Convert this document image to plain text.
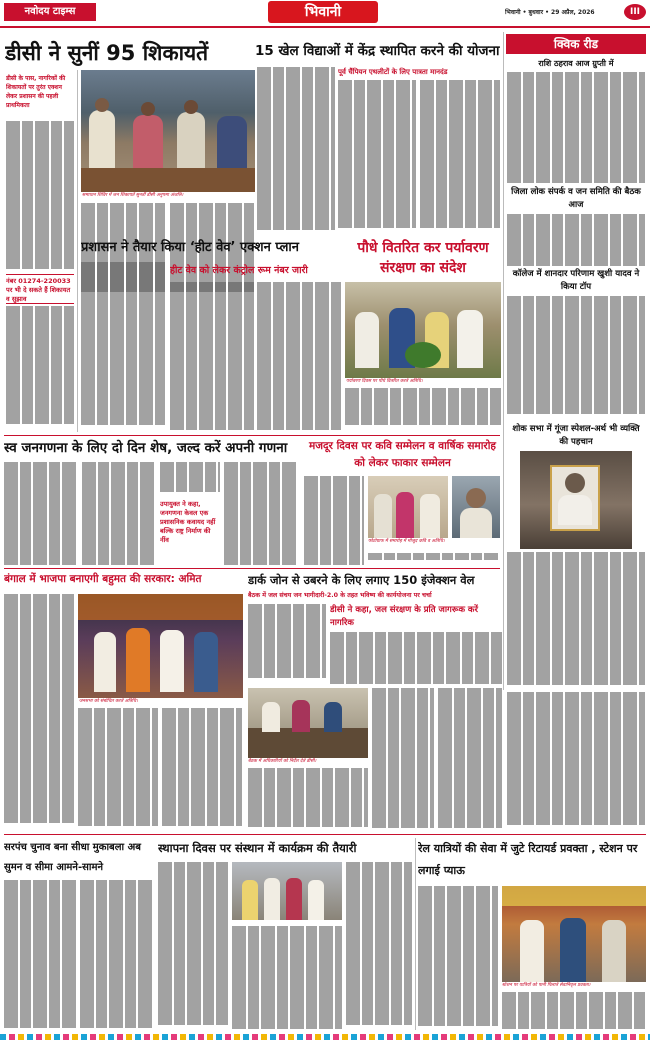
नवोदय टाइम्स	भिवानी	भिवानी • बुधवार • 29 अप्रैल, 2026	III
डीसी ने सुनीं 95 शिकायतें
डीसी के पास, नागरिकों की शिकायतों पर तुरंत एक्शन लेकर प्रशासन की पहली प्राथमिकता
नंबर 01274-220033 पर भी दे सकते हैं शिकायत व सुझाव
समाधान शिविर में जन शिकायतें सुनतीं डीसी अनुपमा अंजलि।
15 खेल विद्याओं में केंद्र स्थापित करने की योजना
पूर्व चैंपियन एथलीटों के लिए पात्रता मानदंड
क्विक रीड
राशि ठहराव आज ग्रुप्ती में
जिला लोक संपर्क व जन समिति की बैठक आज
कॉलेज में शानदार परिणाम खुशी यादव ने किया टॉप
शोक सभा में गूंजा स्पेशल-अर्थ भी व्यक्ति की पहचान
प्रशासन ने तैयार किया ‘हीट वेव’ एक्शन प्लान
हीट वेव को लेकर कंट्रोल रूम नंबर जारी
पौधे वितरित कर पर्यावरण संरक्षण का संदेश
पर्यावरण दिवस पर पौधे वितरित करते अतिथि।
स्व जनगणना के लिए दो दिन शेष, जल्द करें अपनी गणना
उपायुक्त ने कहा, जनगणना केवल एक प्रशासनिक कवायद नहीं बल्कि राष्ट्र निर्माण की नींव
मजदूर दिवस पर कवि सम्मेलन व वार्षिक समारोह को लेकर फाकार सम्मेलन
फोटोग्राफ में समारोह में मौजूद कवि व अतिथि।
बंगाल में भाजपा बनाएगी बहुमत की सरकार: अमित
जनसभा को संबोधित करते अतिथि।
डार्क जोन से उबरने के लिए लगाए 150 इंजेक्शन वेल
बैठक में जल संचय जन भागीदारी-2.0 के तहत भविष्य की कार्ययोजना पर चर्चा
डीसी ने कहा, जल संरक्षण के प्रति जागरूक करें नागरिक
बैठक में अधिकारियों को निर्देश देते डीसी।
सरपंच चुनाव बना सीधा मुकाबला अब सुमन व सीमा आमने-सामने
स्थापना दिवस पर संस्थान में कार्यक्रम की तैयारी	रेल यात्रियों की सेवा में जुटे रिटायर्ड प्रवक्ता , स्टेशन पर लगाई प्याऊ
स्टेशन पर यात्रियों को पानी पिलाते सेवानिवृत्त प्रवक्ता।
